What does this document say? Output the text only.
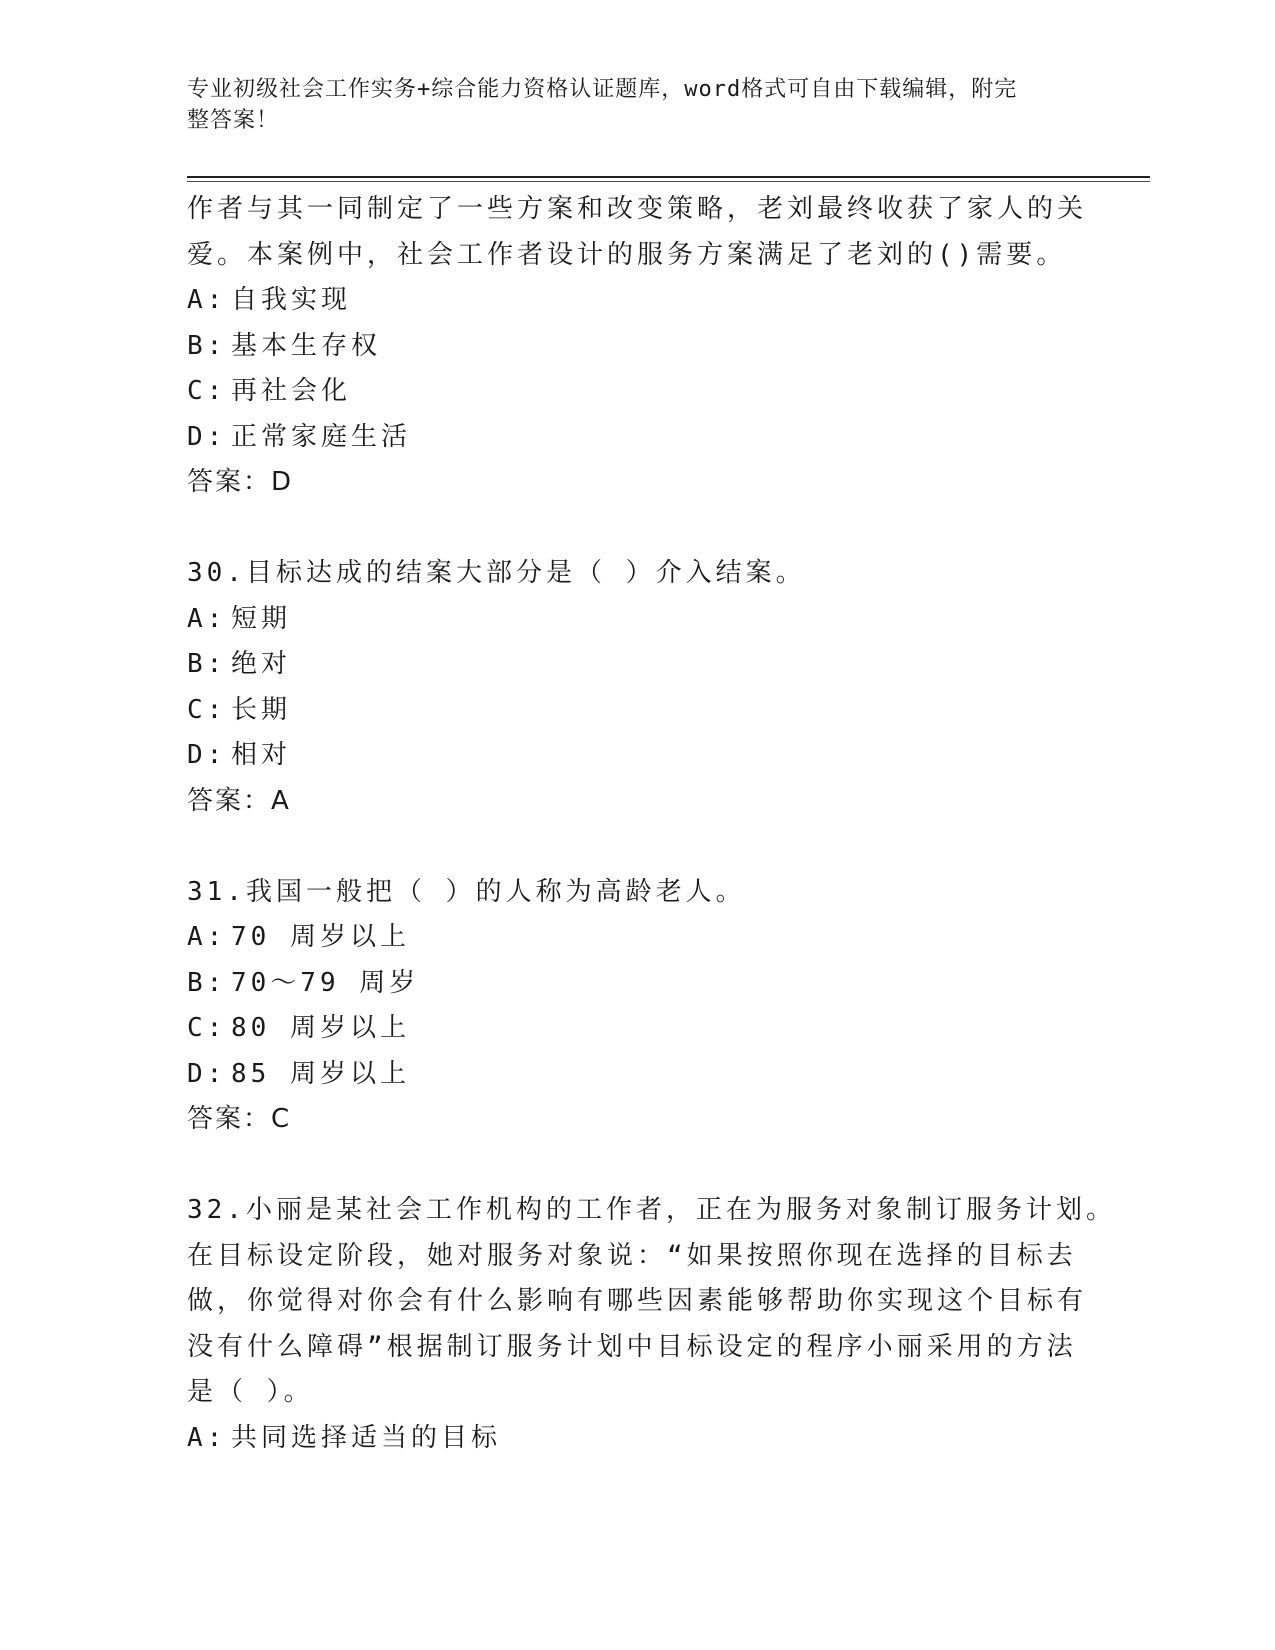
专业初级社会工作实务+综合能力资格认证题库，word格式可自由下载编辑，附完
整答案！
作者与其一同制定了一些方案和改变策略，老刘最终收获了家人的关
爱。本案例中，社会工作者设计的服务方案满足了老刘的()需要。
A: 自我实现
B: 基本生存权
C: 再社会化
D: 正常家庭生活
答案：D
30.目标达成的结案大部分是（ ）介入结案。
A: 短期
B: 绝对
C: 长期
D: 相对
答案：A
31.我国一般把（ ）的人称为高龄老人。
A: 70 周岁以上
B: 70～79 周岁
C: 80 周岁以上
D: 85 周岁以上
答案：C
32.小丽是某社会工作机构的工作者，正在为服务对象制订服务计划。
在目标设定阶段，她对服务对象说：“如果按照你现在选择的目标去
做，你觉得对你会有什么影响有哪些因素能够帮助你实现这个目标有
没有什么障碍”根据制订服务计划中目标设定的程序小丽采用的方法
是（ ）。
A: 共同选择适当的目标
